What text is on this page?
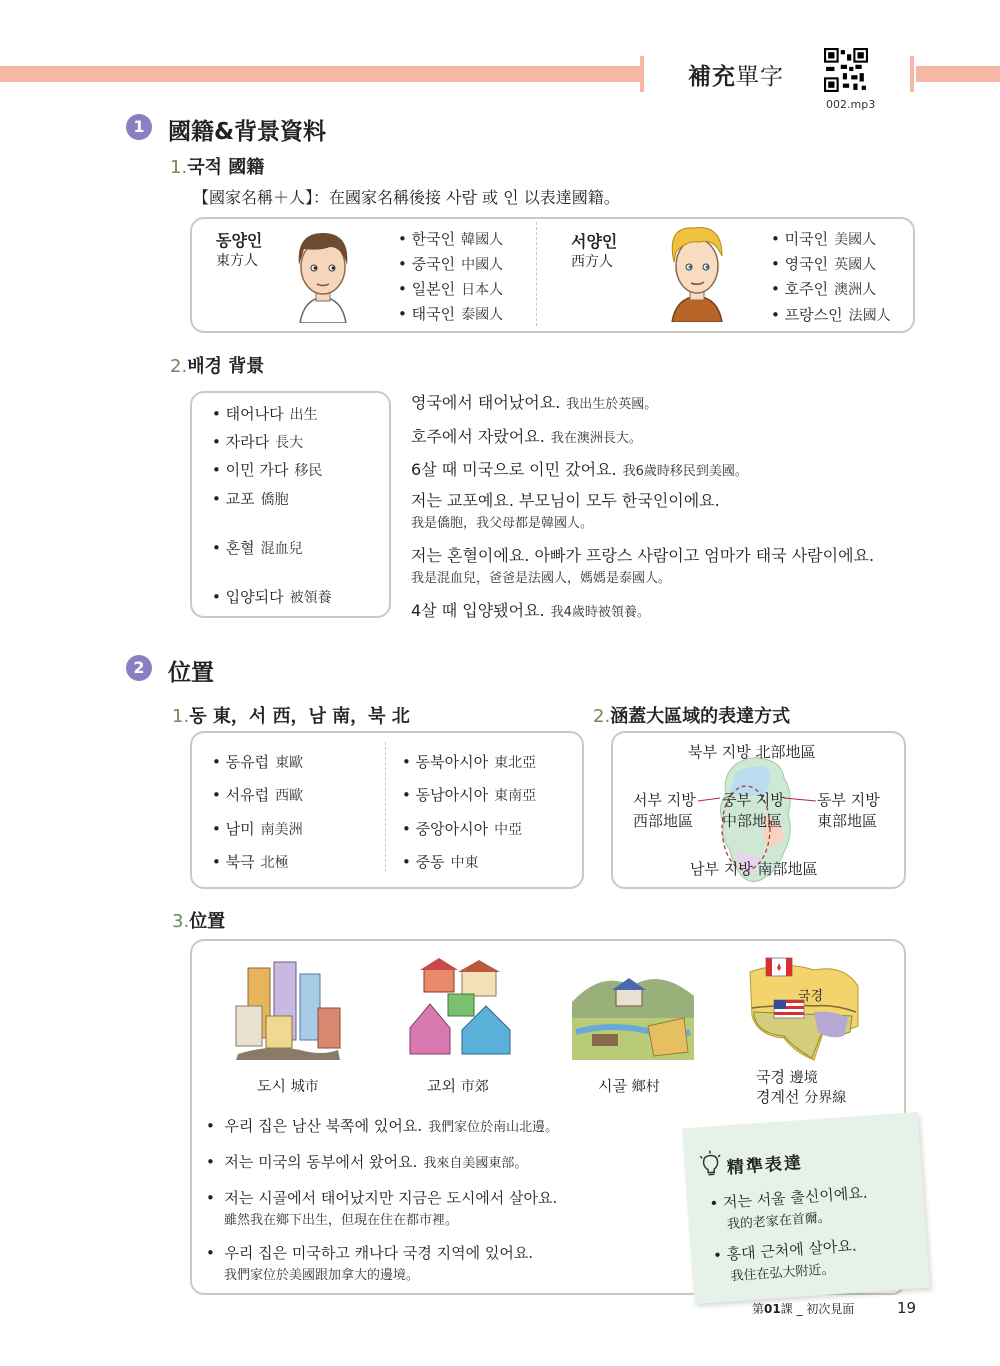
補充單字
002.mp3
1	國籍&背景資料
1.국적 國籍
【國家名稱＋人】：在國家名稱後接 사람 或 인 以表達國籍。
동양인
東方人
• 한국인 韓國人
• 중국인 中國人
• 일본인 日本人
• 태국인 泰國人
서양인
西方人
• 미국인 美國人
• 영국인 英國人
• 호주인 澳洲人
• 프랑스인 法國人
2.배경 背景
• 태어나다 出生
• 자라다 長大
• 이민 가다 移民
• 교포 僑胞
• 혼혈 混血兒
• 입양되다 被領養
영국에서 태어났어요. 我出生於英國。
호주에서 자랐어요. 我在澳洲長大。
6살 때 미국으로 이민 갔어요. 我6歲時移民到美國。
저는 교포예요. 부모님이 모두 한국인이에요.
我是僑胞，我父母都是韓國人。
저는 혼혈이에요. 아빠가 프랑스 사람이고 엄마가 태국 사람이에요.
我是混血兒，爸爸是法國人，媽媽是泰國人。
4살 때 입양됐어요. 我4歲時被領養。
2	位置
1.동 東，서 西，남 南，북 北
• 동유럽 東歐
• 서유럽 西歐
• 남미 南美洲
• 북극 北極
• 동북아시아 東北亞
• 동남아시아 東南亞
• 중앙아시아 中亞
• 중동 中東
2.涵蓋大區域的表達方式
북부 지방 北部地區
서부 지방
西部地區
중부 지방
中部地區
동부 지방
東部地區
남부 지방 南部地區
3.位置
국경
도시 城市	교외 市郊	시골 鄉村
국경 邊境
경계선 分界線
•  우리 집은 남산 북쪽에 있어요. 我們家位於南山北邊。
•  저는 미국의 동부에서 왔어요. 我來自美國東部。
•  저는 시골에서 태어났지만 지금은 도시에서 살아요.
雖然我在鄉下出生，但現在住在都市裡。
•  우리 집은 미국하고 캐나다 국경 지역에 있어요.
我們家位於美國跟加拿大的邊境。
精準表達
• 저는 서울 출신이에요.
我的老家在首爾。
• 홍대 근처에 살아요.
我住在弘大附近。
第01課 _ 初次見面	19
